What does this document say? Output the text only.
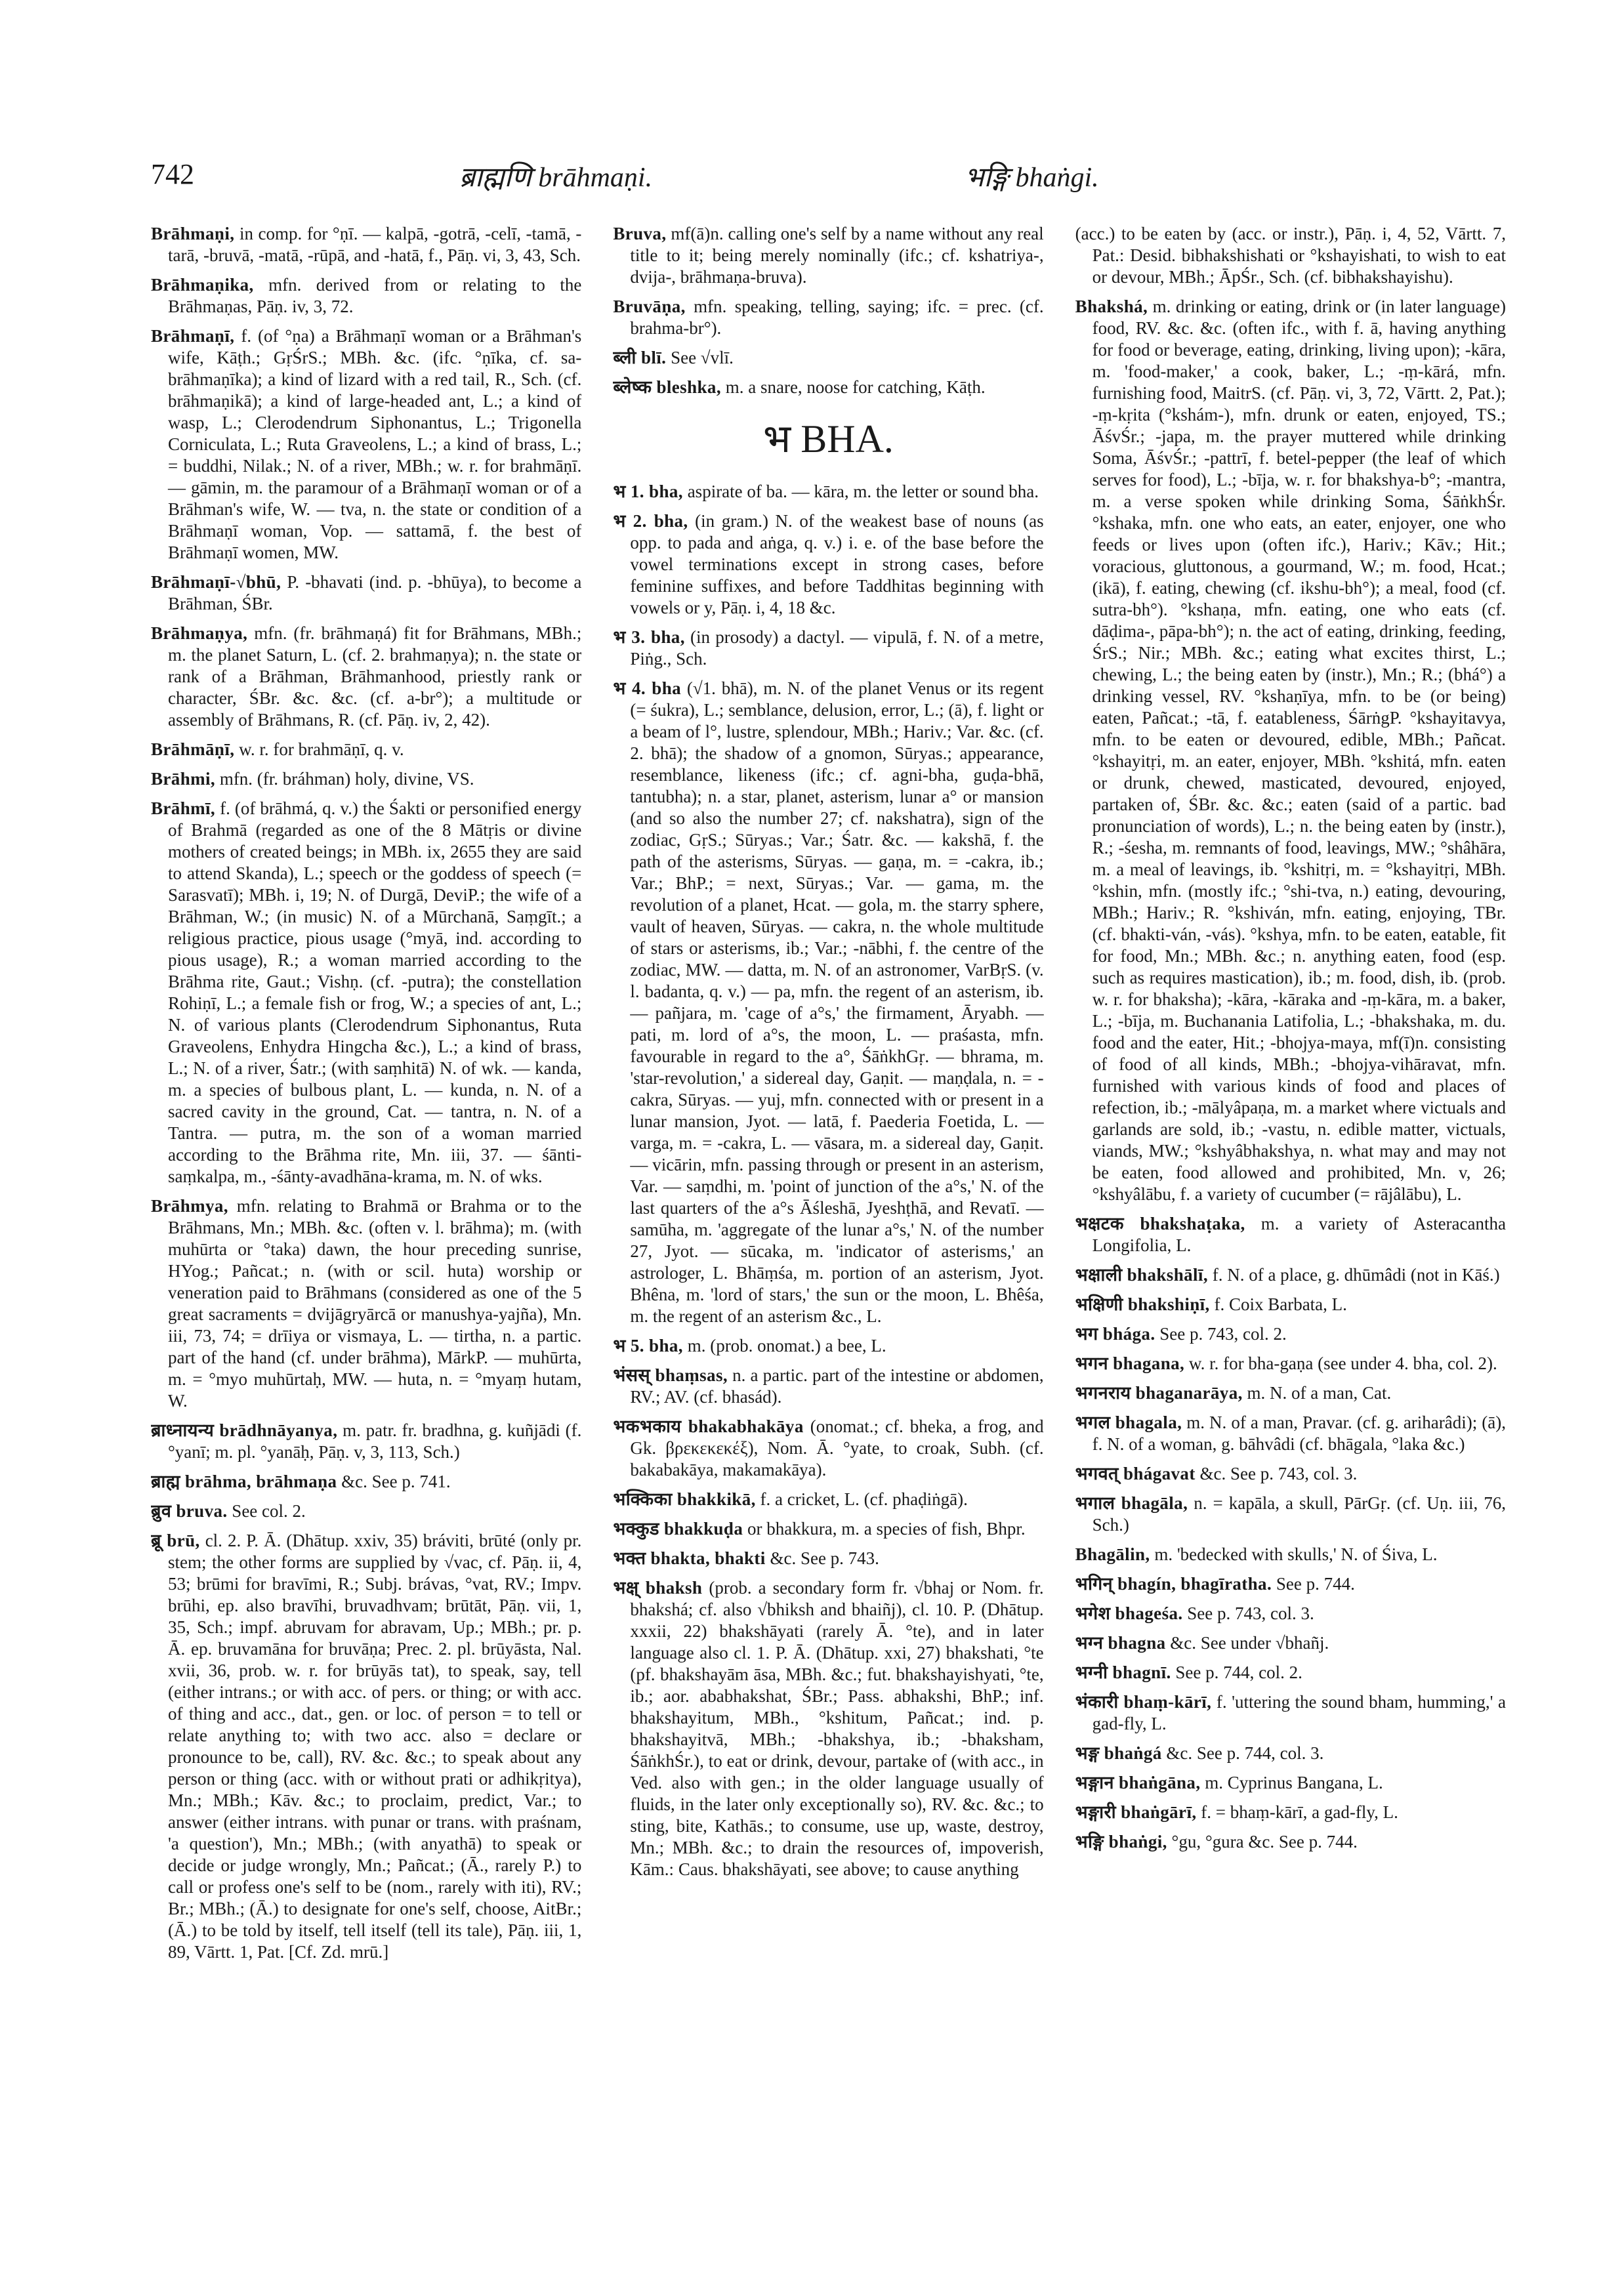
742	ब्राह्मणि brāhmaṇi.	भङ्गि bhaṅgi.

Brāhmaṇi, in comp. for °ṇī. — kalpā, -gotrā, -celī, -tamā, -tarā, -bruvā, -matā, -rūpā, and -hatā, f., Pāṇ. vi, 3, 43, Sch.

Brāhmaṇika, mfn. derived from or relating to the Brāhmaṇas, Pāṇ. iv, 3, 72.

Brāhmaṇī, f. (of °ṇa) a Brāhmaṇī woman or a Brāhman's wife, Kāṭh.; GṛŚrS.; MBh. &c. (ifc. °ṇīka, cf. sa-brāhmaṇīka); a kind of lizard with a red tail, R., Sch. (cf. brāhmaṇikā); a kind of large-headed ant, L.; a kind of wasp, L.; Clerodendrum Siphonantus, L.; Trigonella Corniculata, L.; Ruta Graveolens, L.; a kind of brass, L.; = buddhi, Nilak.; N. of a river, MBh.; w. r. for brahmāṇī. — gāmin, m. the paramour of a Brāhmaṇī woman or of a Brāhman's wife, W. — tva, n. the state or condition of a Brāhmaṇī woman, Vop. — sattamā, f. the best of Brāhmaṇī women, MW.

Brāhmaṇī-√bhū, P. -bhavati (ind. p. -bhūya), to become a Brāhman, ŚBr.

Brāhmaṇya, mfn. (fr. brāhmaṇá) fit for Brāhmans, MBh.; m. the planet Saturn, L. (cf. 2. brahmaṇya); n. the state or rank of a Brāhman, Brāhmanhood, priestly rank or character, ŚBr. &c. &c. (cf. a-br°); a multitude or assembly of Brāhmans, R. (cf. Pāṇ. iv, 2, 42).

Brāhmāṇī, w. r. for brahmāṇī, q. v.

Brāhmi, mfn. (fr. bráhman) holy, divine, VS.

Brāhmī, f. (of brāhmá, q. v.) the Śakti or personified energy of Brahmā (regarded as one of the 8 Mātṛis or divine mothers of created beings; in MBh. ix, 2655 they are said to attend Skanda), L.; speech or the goddess of speech (= Sarasvatī); MBh. i, 19; N. of Durgā, DeviP.; the wife of a Brāhman, W.; (in music) N. of a Mūrchanā, Saṃgīt.; a religious practice, pious usage (°myā, ind. according to pious usage), R.; a woman married according to the Brāhma rite, Gaut.; Vishṇ. (cf. -putra); the constellation Rohiṇī, L.; a female fish or frog, W.; a species of ant, L.; N. of various plants (Clerodendrum Siphonantus, Ruta Graveolens, Enhydra Hingcha &c.), L.; a kind of brass, L.; N. of a river, Śatr.; (with saṃhitā) N. of wk. — kanda, m. a species of bulbous plant, L. — kunda, n. N. of a sacred cavity in the ground, Cat. — tantra, n. N. of a Tantra. — putra, m. the son of a woman married according to the Brāhma rite, Mn. iii, 37. — śānti-saṃkalpa, m., -śānty-avadhāna-krama, m. N. of wks.

Brāhmya, mfn. relating to Brahmā or Brahma or to the Brāhmans, Mn.; MBh. &c. (often v. l. brāhma); m. (with muhūrta or °taka) dawn, the hour preceding sunrise, HYog.; Pañcat.; n. (with or scil. huta) worship or veneration paid to Brāhmans (considered as one of the 5 great sacraments = dvijāgryārcā or manushya-yajña), Mn. iii, 73, 74; = drīiya or vismaya, L. — tirtha, n. a partic. part of the hand (cf. under brāhma), MārkP. — muhūrta, m. = °myo muhūrtaḥ, MW. — huta, n. = °myaṃ hutam, W.

ब्राध्नायन्य brādhnāyanya, m. patr. fr. bradhna, g. kuñjādi (f. °yanī; m. pl. °yanāḥ, Pāṇ. v, 3, 113, Sch.)

ब्राह्म brāhma, brāhmaṇa &c. See p. 741.

ब्रुव bruva. See col. 2.

ब्रू brū, cl. 2. P. Ā. (Dhātup. xxiv, 35) bráviti, brūté (only pr. stem; the other forms are supplied by √vac, cf. Pāṇ. ii, 4, 53; brūmi for bravīmi, R.; Subj. brávas, °vat, RV.; Impv. brūhi, ep. also bravīhi, bruvadhvam; brūtāt, Pāṇ. vii, 1, 35, Sch.; impf. abruvam for abravam, Up.; MBh.; pr. p. Ā. ep. bruvamāna for bruvāṇa; Prec. 2. pl. brūyāsta, Nal. xvii, 36, prob. w. r. for brūyās tat), to speak, say, tell (either intrans.; or with acc. of pers. or thing; or with acc. of thing and acc., dat., gen. or loc. of person = to tell or relate anything to; with two acc. also = declare or pronounce to be, call), RV. &c. &c.; to speak about any person or thing (acc. with or without prati or adhikṛitya), Mn.; MBh.; Kāv. &c.; to proclaim, predict, Var.; to answer (either intrans. with punar or trans. with praśnam, 'a question'), Mn.; MBh.; (with anyathā) to speak or decide or judge wrongly, Mn.; Pañcat.; (Ā., rarely P.) to call or profess one's self to be (nom., rarely with iti), RV.; Br.; MBh.; (Ā.) to designate for one's self, choose, AitBr.; (Ā.) to be told by itself, tell itself (tell its tale), Pāṇ. iii, 1, 89, Vārtt. 1, Pat. [Cf. Zd. mrū.]

Bruva, mf(ā)n. calling one's self by a name without any real title to it; being merely nominally (ifc.; cf. kshatriya-, dvija-, brāhmaṇa-bruva).

Bruvāṇa, mfn. speaking, telling, saying; ifc. = prec. (cf. brahma-br°).

ब्ली blī. See √vlī.

ब्लेष्क bleshka, m. a snare, noose for catching, Kāṭh.

भ BHA.

भ 1. bha, aspirate of ba. — kāra, m. the letter or sound bha.

भ 2. bha, (in gram.) N. of the weakest base of nouns (as opp. to pada and aṅga, q. v.) i. e. of the base before the vowel terminations except in strong cases, before feminine suffixes, and before Taddhitas beginning with vowels or y, Pāṇ. i, 4, 18 &c.

भ 3. bha, (in prosody) a dactyl. — vipulā, f. N. of a metre, Piṅg., Sch.

भ 4. bha (√1. bhā), m. N. of the planet Venus or its regent (= śukra), L.; semblance, delusion, error, L.; (ā), f. light or a beam of l°, lustre, splendour, MBh.; Hariv.; Var. &c. (cf. 2. bhā); the shadow of a gnomon, Sūryas.; appearance, resemblance, likeness (ifc.; cf. agni-bha, guḍa-bhā, tantubha); n. a star, planet, asterism, lunar a° or mansion (and so also the number 27; cf. nakshatra), sign of the zodiac, GṛS.; Sūryas.; Var.; Śatr. &c. — kakshā, f. the path of the asterisms, Sūryas. — gaṇa, m. = -cakra, ib.; Var.; BhP.; = next, Sūryas.; Var. — gama, m. the revolution of a planet, Hcat. — gola, m. the starry sphere, vault of heaven, Sūryas. — cakra, n. the whole multitude of stars or asterisms, ib.; Var.; -nābhi, f. the centre of the zodiac, MW. — datta, m. N. of an astronomer, VarBṛS. (v. l. badanta, q. v.) — pa, mfn. the regent of an asterism, ib. — pañjara, m. 'cage of a°s,' the firmament, Āryabh. — pati, m. lord of a°s, the moon, L. — praśasta, mfn. favourable in regard to the a°, ŚāṅkhGṛ. — bhrama, m. 'star-revolution,' a sidereal day, Gaṇit. — maṇḍala, n. = -cakra, Sūryas. — yuj, mfn. connected with or present in a lunar mansion, Jyot. — latā, f. Paederia Foetida, L. — varga, m. = -cakra, L. — vāsara, m. a sidereal day, Gaṇit. — vicārin, mfn. passing through or present in an asterism, Var. — saṃdhi, m. 'point of junction of the a°s,' N. of the last quarters of the a°s Āśleshā, Jyeshṭhā, and Revatī. — samūha, m. 'aggregate of the lunar a°s,' N. of the number 27, Jyot. — sūcaka, m. 'indicator of asterisms,' an astrologer, L. Bhāṃśa, m. portion of an asterism, Jyot. Bhêna, m. 'lord of stars,' the sun or the moon, L. Bhêśa, m. the regent of an asterism &c., L.

भ 5. bha, m. (prob. onomat.) a bee, L.

भंसस् bhaṃsas, n. a partic. part of the intestine or abdomen, RV.; AV. (cf. bhasád).

भकभकाय bhakabhakāya (onomat.; cf. bheka, a frog, and Gk. βρεκεκεκέξ), Nom. Ā. °yate, to croak, Subh. (cf. bakabakāya, makamakāya).

भक्किका bhakkikā, f. a cricket, L. (cf. phaḍiṅgā).

भक्कुड bhakkuḍa or bhakkura, m. a species of fish, Bhpr.

भक्त bhakta, bhakti &c. See p. 743.

भक्ष् bhaksh (prob. a secondary form fr. √bhaj or Nom. fr. bhakshá; cf. also √bhiksh and bhaiñj), cl. 10. P. (Dhātup. xxxii, 22) bhakshāyati (rarely Ā. °te), and in later language also cl. 1. P. Ā. (Dhātup. xxi, 27) bhakshati, °te (pf. bhakshayām āsa, MBh. &c.; fut. bhakshayishyati, °te, ib.; aor. ababhakshat, ŚBr.; Pass. abhakshi, BhP.; inf. bhakshayitum, MBh., °kshitum, Pañcat.; ind. p. bhakshayitvā, MBh.; -bhakshya, ib.; -bhaksham, ŚāṅkhŚr.), to eat or drink, devour, partake of (with acc., in Ved. also with gen.; in the older language usually of fluids, in the later only exceptionally so), RV. &c. &c.; to sting, bite, Kathās.; to consume, use up, waste, destroy, Mn.; MBh. &c.; to drain the resources of, impoverish, Kām.: Caus. bhakshāyati, see above; to cause anything

(acc.) to be eaten by (acc. or instr.), Pāṇ. i, 4, 52, Vārtt. 7, Pat.: Desid. bibhakshishati or °kshayishati, to wish to eat or devour, MBh.; ĀpŚr., Sch. (cf. bibhakshayishu).

Bhakshá, m. drinking or eating, drink or (in later language) food, RV. &c. &c. (often ifc., with f. ā, having anything for food or beverage, eating, drinking, living upon); -kāra, m. 'food-maker,' a cook, baker, L.; -ṃ-kārá, mfn. furnishing food, MaitrS. (cf. Pāṇ. vi, 3, 72, Vārtt. 2, Pat.); -ṃ-kṛita (°kshám-), mfn. drunk or eaten, enjoyed, TS.; ĀśvŚr.; -japa, m. the prayer muttered while drinking Soma, ĀśvŚr.; -pattrī, f. betel-pepper (the leaf of which serves for food), L.; -bīja, w. r. for bhakshya-b°; -mantra, m. a verse spoken while drinking Soma, ŚāṅkhŚr. °kshaka, mfn. one who eats, an eater, enjoyer, one who feeds or lives upon (often ifc.), Hariv.; Kāv.; Hit.; voracious, gluttonous, a gourmand, W.; m. food, Hcat.; (ikā), f. eating, chewing (cf. ikshu-bh°); a meal, food (cf. sutra-bh°). °kshaṇa, mfn. eating, one who eats (cf. dāḍima-, pāpa-bh°); n. the act of eating, drinking, feeding, ŚrS.; Nir.; MBh. &c.; eating what excites thirst, L.; chewing, L.; the being eaten by (instr.), Mn.; R.; (bhá°) a drinking vessel, RV. °kshaṇīya, mfn. to be (or being) eaten, Pañcat.; -tā, f. eatableness, ŚārṅgP. °kshayitavya, mfn. to be eaten or devoured, edible, MBh.; Pañcat. °kshayitṛi, m. an eater, enjoyer, MBh. °kshitá, mfn. eaten or drunk, chewed, masticated, devoured, enjoyed, partaken of, ŚBr. &c. &c.; eaten (said of a partic. bad pronunciation of words), L.; n. the being eaten by (instr.), R.; -śesha, m. remnants of food, leavings, MW.; °shâhāra, m. a meal of leavings, ib. °kshitṛi, m. = °kshayitṛi, MBh. °kshin, mfn. (mostly ifc.; °shi-tva, n.) eating, devouring, MBh.; Hariv.; R. °kshiván, mfn. eating, enjoying, TBr. (cf. bhakti-ván, -vás). °kshya, mfn. to be eaten, eatable, fit for food, Mn.; MBh. &c.; n. anything eaten, food (esp. such as requires mastication), ib.; m. food, dish, ib. (prob. w. r. for bhaksha); -kāra, -kāraka and -ṃ-kāra, m. a baker, L.; -bīja, m. Buchanania Latifolia, L.; -bhakshaka, m. du. food and the eater, Hit.; -bhojya-maya, mf(ī)n. consisting of food of all kinds, MBh.; -bhojya-vihāravat, mfn. furnished with various kinds of food and places of refection, ib.; -mālyâpaṇa, m. a market where victuals and garlands are sold, ib.; -vastu, n. edible matter, victuals, viands, MW.; °kshyâbhakshya, n. what may and may not be eaten, food allowed and prohibited, Mn. v, 26; °kshyâlābu, f. a variety of cucumber (= rājâlābu), L.

भक्षटक bhakshaṭaka, m. a variety of Asteracantha Longifolia, L.

भक्षाली bhakshālī, f. N. of a place, g. dhūmâdi (not in Kāś.)

भक्षिणी bhakshiṇī, f. Coix Barbata, L.

भग bhága. See p. 743, col. 2.

भगन bhagana, w. r. for bha-gaṇa (see under 4. bha, col. 2).

भगनराय bhaganarāya, m. N. of a man, Cat.

भगल bhagala, m. N. of a man, Pravar. (cf. g. ariharâdi); (ā), f. N. of a woman, g. bāhvâdi (cf. bhāgala, °laka &c.)

भगवत् bhágavat &c. See p. 743, col. 3.

भगाल bhagāla, n. = kapāla, a skull, PārGṛ. (cf. Uṇ. iii, 76, Sch.)

Bhagālin, m. 'bedecked with skulls,' N. of Śiva, L.

भगिन् bhagín, bhagīratha. See p. 744.

भगेश bhageśa. See p. 743, col. 3.

भग्न bhagna &c. See under √bhañj.

भग्नी bhagnī. See p. 744, col. 2.

भंकारी bhaṃ-kārī, f. 'uttering the sound bham, humming,' a gad-fly, L.

भङ्ग bhaṅgá &c. See p. 744, col. 3.

भङ्गान bhaṅgāna, m. Cyprinus Bangana, L.

भङ्गारी bhaṅgārī, f. = bhaṃ-kārī, a gad-fly, L.

भङ्गि bhaṅgi, °gu, °gura &c. See p. 744.
